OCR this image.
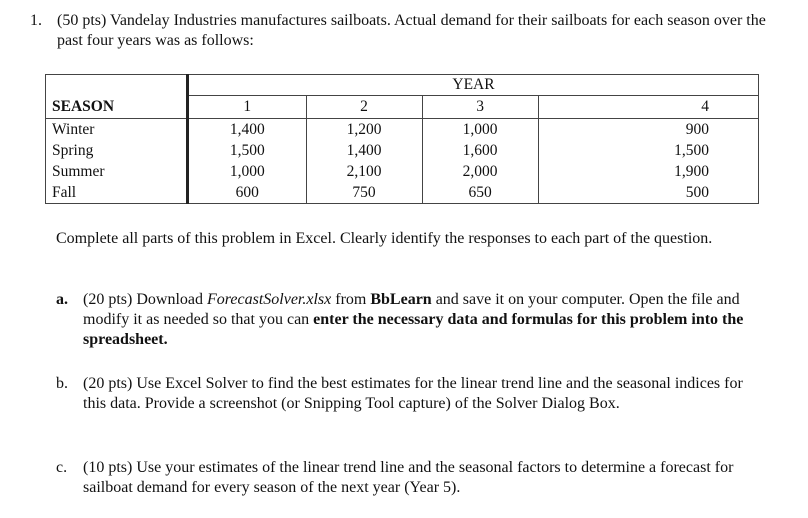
1. (50 pts) Vandelay Industries manufactures sailboats. Actual demand for their sailboats for each season over the past four years was as follows:
	YEAR			
SEASON	1	2	3	4
Winter	1,400	1,200	1,000	900
Spring	1,500	1,400	1,600	1,500
Summer	1,000	2,100	2,000	1,900
Fall	600	750	650	500
Complete all parts of this problem in Excel. Clearly identify the responses to each part of the question.
a. (20 pts) Download ForecastSolver.xlsx from BbLearn and save it on your computer. Open the file and modify it as needed so that you can enter the necessary data and formulas for this problem into the spreadsheet.
b. (20 pts) Use Excel Solver to find the best estimates for the linear trend line and the seasonal indices for this data. Provide a screenshot (or Snipping Tool capture) of the Solver Dialog Box.
c. (10 pts) Use your estimates of the linear trend line and the seasonal factors to determine a forecast for sailboat demand for every season of the next year (Year 5).
